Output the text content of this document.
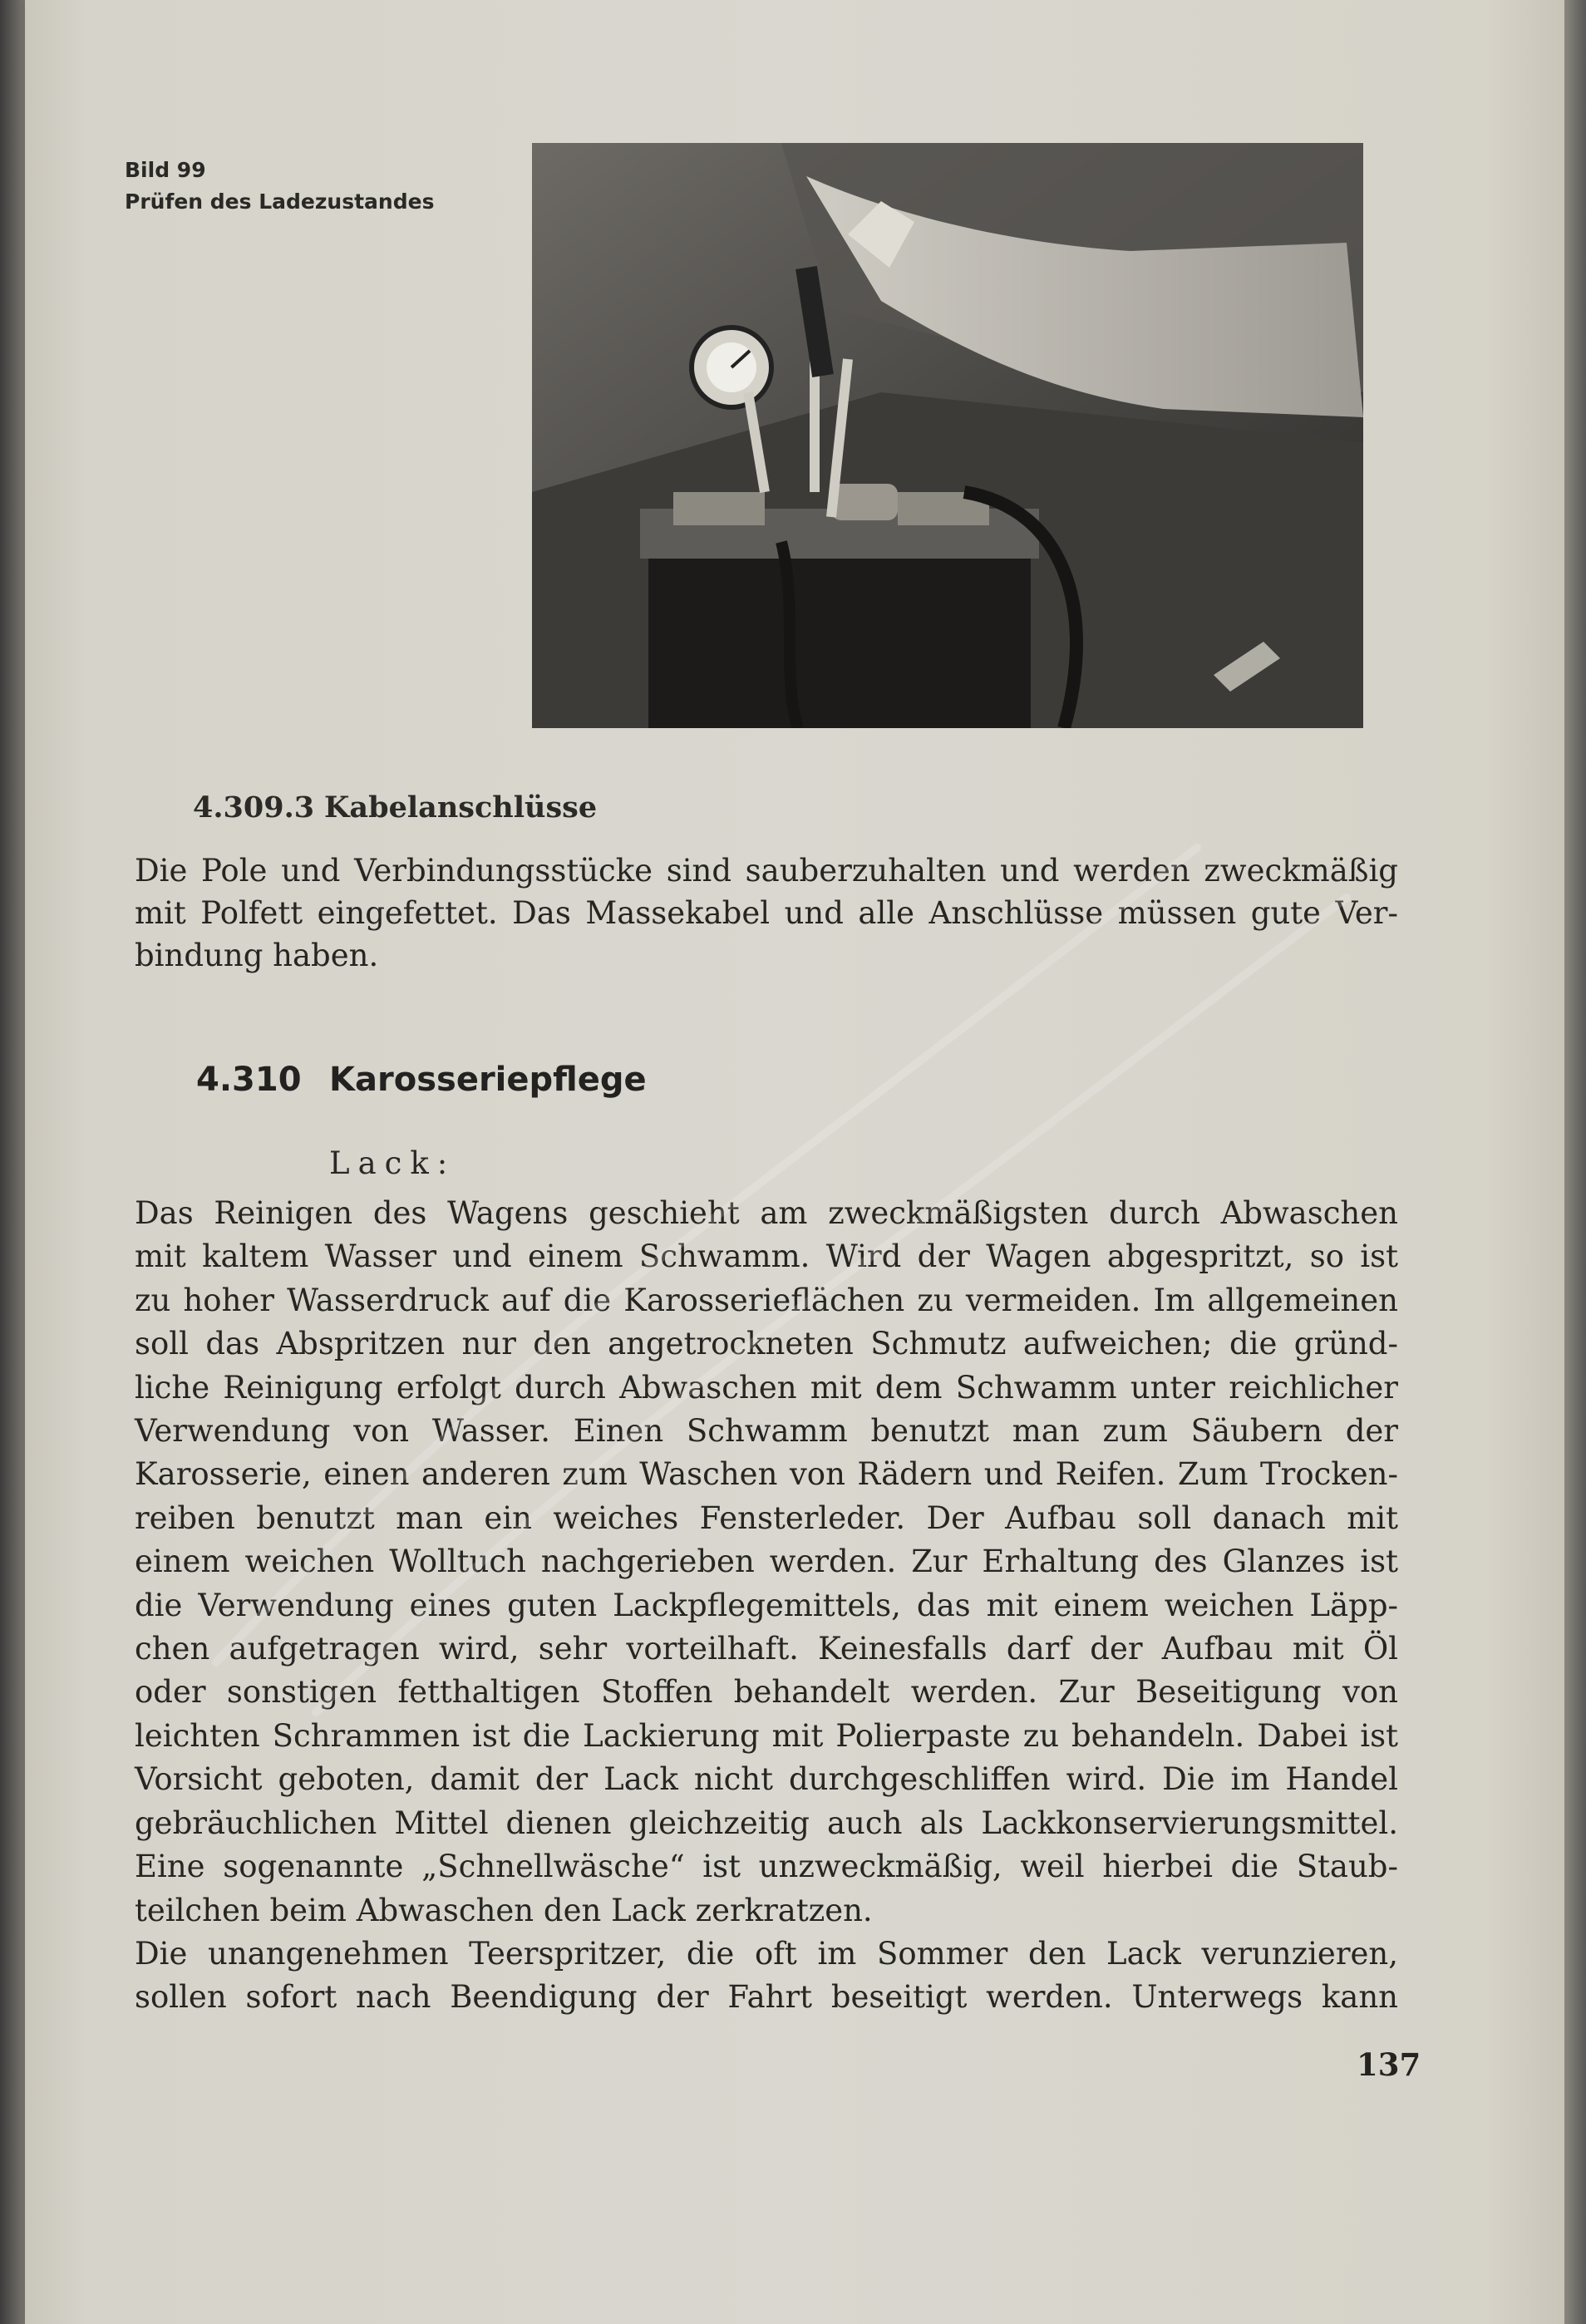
Bild 99
Prüfen des Ladezustandes
4.309.3 Kabelanschlüsse
Die Pole und Verbindungsstücke sind sauberzuhalten und werden zweckmäßig
mit Polfett eingefettet. Das Massekabel und alle Anschlüsse müssen gute Ver-
bindung haben.
4.310 Karosseriepflege
Lack:
Das Reinigen des Wagens geschieht am zweckmäßigsten durch Abwaschen
mit kaltem Wasser und einem Schwamm. Wird der Wagen abgespritzt, so ist
zu hoher Wasserdruck auf die Karosserieflächen zu vermeiden. Im allgemeinen
soll das Abspritzen nur den angetrockneten Schmutz aufweichen; die gründ-
liche Reinigung erfolgt durch Abwaschen mit dem Schwamm unter reichlicher
Verwendung von Wasser. Einen Schwamm benutzt man zum Säubern der
Karosserie, einen anderen zum Waschen von Rädern und Reifen. Zum Trocken-
reiben benutzt man ein weiches Fensterleder. Der Aufbau soll danach mit
einem weichen Wolltuch nachgerieben werden. Zur Erhaltung des Glanzes ist
die Verwendung eines guten Lackpflegemittels, das mit einem weichen Läpp-
chen aufgetragen wird, sehr vorteilhaft. Keinesfalls darf der Aufbau mit Öl
oder sonstigen fetthaltigen Stoffen behandelt werden. Zur Beseitigung von
leichten Schrammen ist die Lackierung mit Polierpaste zu behandeln. Dabei ist
Vorsicht geboten, damit der Lack nicht durchgeschliffen wird. Die im Handel
gebräuchlichen Mittel dienen gleichzeitig auch als Lackkonservierungsmittel.
Eine sogenannte „Schnellwäsche“ ist unzweckmäßig, weil hierbei die Staub-
teilchen beim Abwaschen den Lack zerkratzen.
Die unangenehmen Teerspritzer, die oft im Sommer den Lack verunzieren,
sollen sofort nach Beendigung der Fahrt beseitigt werden. Unterwegs kann
137
